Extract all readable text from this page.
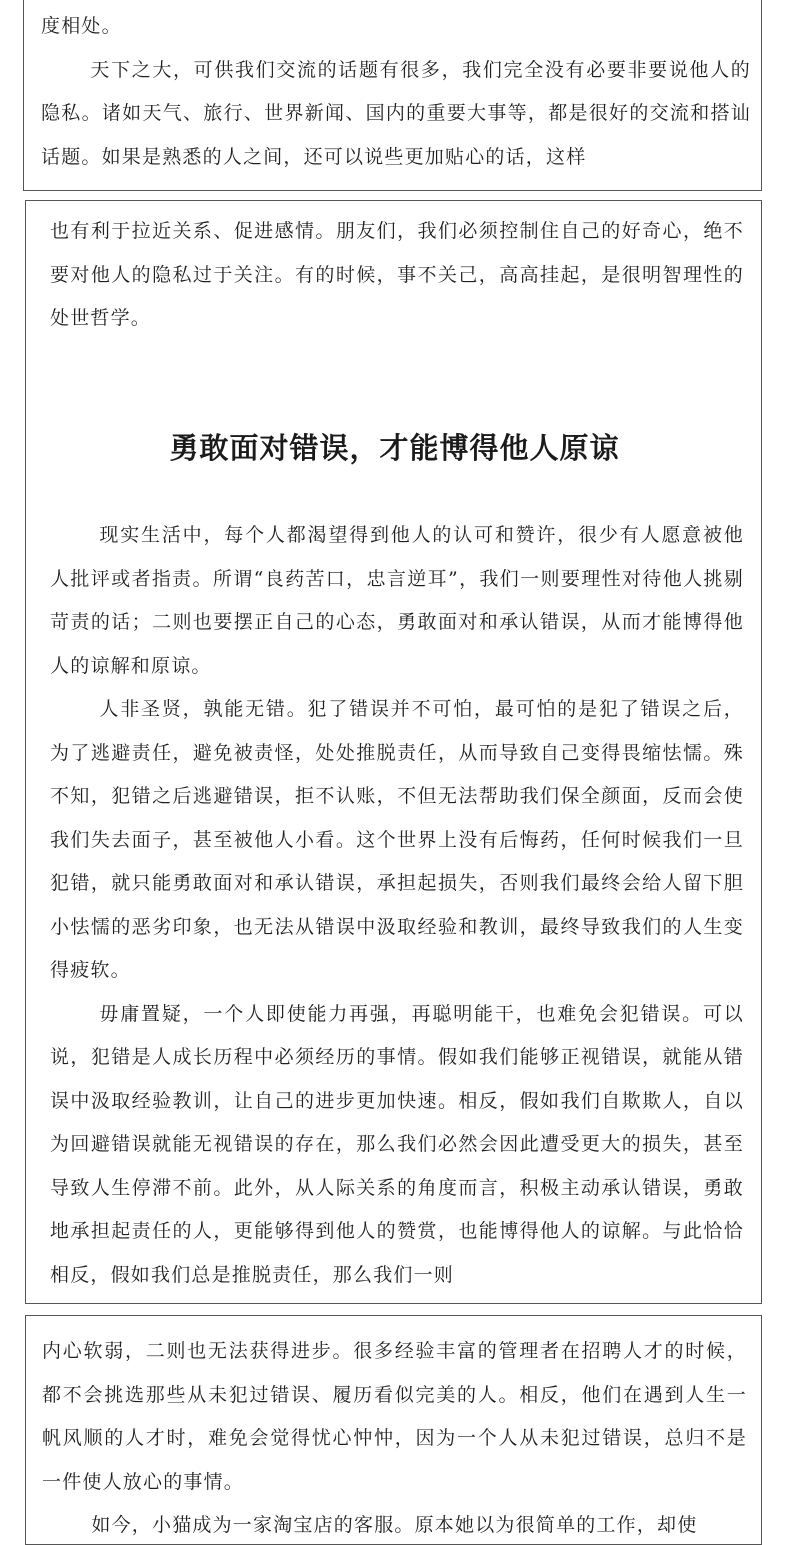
度相处。

天下之大，可供我们交流的话题有很多，我们完全没有必要非要说他人的隐私。诸如天气、旅行、世界新闻、国内的重要大事等，都是很好的交流和搭讪话题。如果是熟悉的人之间，还可以说些更加贴心的话，这样

也有利于拉近关系、促进感情。朋友们，我们必须控制住自己的好奇心，绝不要对他人的隐私过于关注。有的时候，事不关己，高高挂起，是很明智理性的处世哲学。

勇敢面对错误，才能博得他人原谅

现实生活中，每个人都渴望得到他人的认可和赞许，很少有人愿意被他人批评或者指责。所谓“良药苦口，忠言逆耳”，我们一则要理性对待他人挑剔苛责的话；二则也要摆正自己的心态，勇敢面对和承认错误，从而才能博得他人的谅解和原谅。

人非圣贤，孰能无错。犯了错误并不可怕，最可怕的是犯了错误之后，为了逃避责任，避免被责怪，处处推脱责任，从而导致自己变得畏缩怯懦。殊不知，犯错之后逃避错误，拒不认账，不但无法帮助我们保全颜面，反而会使我们失去面子，甚至被他人小看。这个世界上没有后悔药，任何时候我们一旦犯错，就只能勇敢面对和承认错误，承担起损失，否则我们最终会给人留下胆小怯懦的恶劣印象，也无法从错误中汲取经验和教训，最终导致我们的人生变得疲软。

毋庸置疑，一个人即使能力再强，再聪明能干，也难免会犯错误。可以说，犯错是人成长历程中必须经历的事情。假如我们能够正视错误，就能从错误中汲取经验教训，让自己的进步更加快速。相反，假如我们自欺欺人，自以为回避错误就能无视错误的存在，那么我们必然会因此遭受更大的损失，甚至导致人生停滞不前。此外，从人际关系的角度而言，积极主动承认错误，勇敢地承担起责任的人，更能够得到他人的赞赏，也能博得他人的谅解。与此恰恰相反，假如我们总是推脱责任，那么我们一则

内心软弱，二则也无法获得进步。很多经验丰富的管理者在招聘人才的时候，都不会挑选那些从未犯过错误、履历看似完美的人。相反，他们在遇到人生一帆风顺的人才时，难免会觉得忧心忡忡，因为一个人从未犯过错误，总归不是一件使人放心的事情。

如今，小猫成为一家淘宝店的客服。原本她以为很简单的工作，却使
